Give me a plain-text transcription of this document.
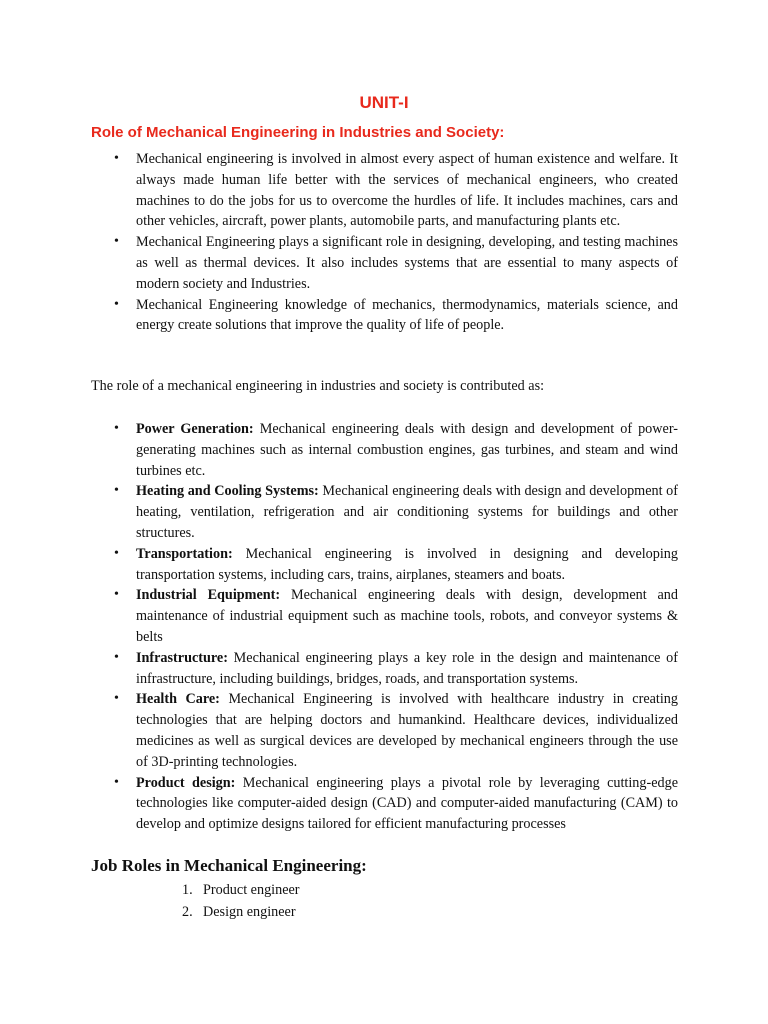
UNIT-I
Role of Mechanical Engineering in Industries and Society:
• Mechanical engineering is involved in almost every aspect of human existence and welfare. It always made human life better with the services of mechanical engineers, who created machines to do the jobs for us to overcome the hurdles of life. It includes machines, cars and other vehicles, aircraft, power plants, automobile parts, and manufacturing plants etc.
• Mechanical Engineering plays a significant role in designing, developing, and testing machines as well as thermal devices. It also includes systems that are essential to many aspects of modern society and Industries.
• Mechanical Engineering knowledge of mechanics, thermodynamics, materials science, and energy create solutions that improve the quality of life of people.

The role of a mechanical engineering in industries and society is contributed as:

• Power Generation: Mechanical engineering deals with design and development of power-generating machines such as internal combustion engines, gas turbines, and steam and wind turbines etc.
• Heating and Cooling Systems: Mechanical engineering deals with design and development of heating, ventilation, refrigeration and air conditioning systems for buildings and other structures.
• Transportation: Mechanical engineering is involved in designing and developing transportation systems, including cars, trains, airplanes, steamers and boats.
• Industrial Equipment: Mechanical engineering deals with design, development and maintenance of industrial equipment such as machine tools, robots, and conveyor systems & belts
• Infrastructure: Mechanical engineering plays a key role in the design and maintenance of infrastructure, including buildings, bridges, roads, and transportation systems.
• Health Care: Mechanical Engineering is involved with healthcare industry in creating technologies that are helping doctors and humankind. Healthcare devices, individualized medicines as well as surgical devices are developed by mechanical engineers through the use of 3D-printing technologies.
• Product design: Mechanical engineering plays a pivotal role by leveraging cutting-edge technologies like computer-aided design (CAD) and computer-aided manufacturing (CAM) to develop and optimize designs tailored for efficient manufacturing processes
Job Roles in Mechanical Engineering:
1. Product engineer
2. Design engineer
